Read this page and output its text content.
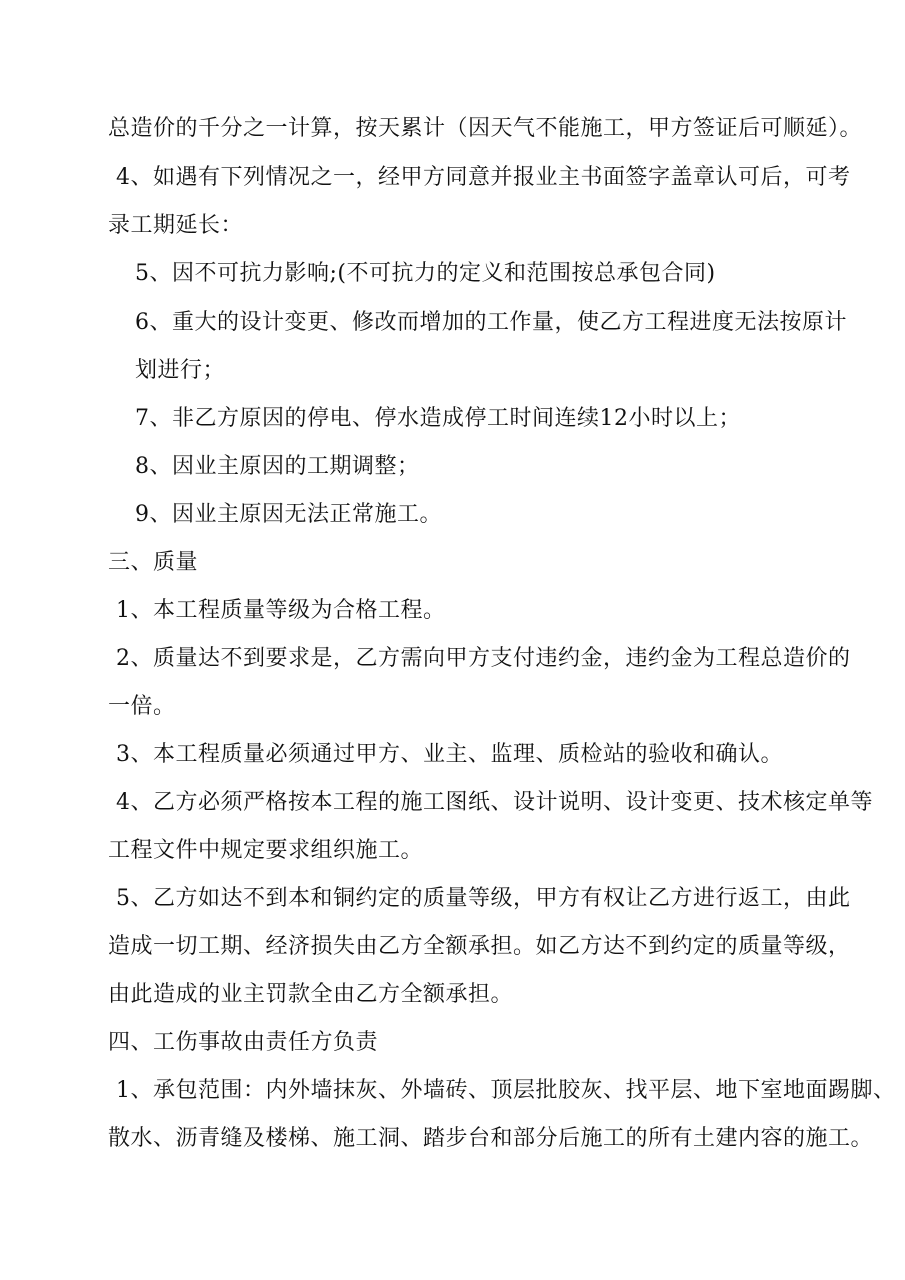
总造价的千分之一计算，按天累计（因天气不能施工，甲方签证后可顺延）。
4、如遇有下列情况之一，经甲方同意并报业主书面签字盖章认可后，可考
录工期延长：
5、因不可抗力影响;(不可抗力的定义和范围按总承包合同)
6、重大的设计变更、修改而增加的工作量，使乙方工程进度无法按原计
划进行；
7、非乙方原因的停电、停水造成停工时间连续12小时以上；
8、因业主原因的工期调整；
9、因业主原因无法正常施工。
三、质量
1、本工程质量等级为合格工程。
2、质量达不到要求是，乙方需向甲方支付违约金，违约金为工程总造价的
一倍。
3、本工程质量必须通过甲方、业主、监理、质检站的验收和确认。
4、乙方必须严格按本工程的施工图纸、设计说明、设计变更、技术核定单等
工程文件中规定要求组织施工。
5、乙方如达不到本和铜约定的质量等级，甲方有权让乙方进行返工，由此
造成一切工期、经济损失由乙方全额承担。如乙方达不到约定的质量等级，
由此造成的业主罚款全由乙方全额承担。
四、工伤事故由责任方负责
1、承包范围：内外墙抹灰、外墙砖、顶层批胶灰、找平层、地下室地面踢脚、
散水、沥青缝及楼梯、施工洞、踏步台和部分后施工的所有土建内容的施工。
